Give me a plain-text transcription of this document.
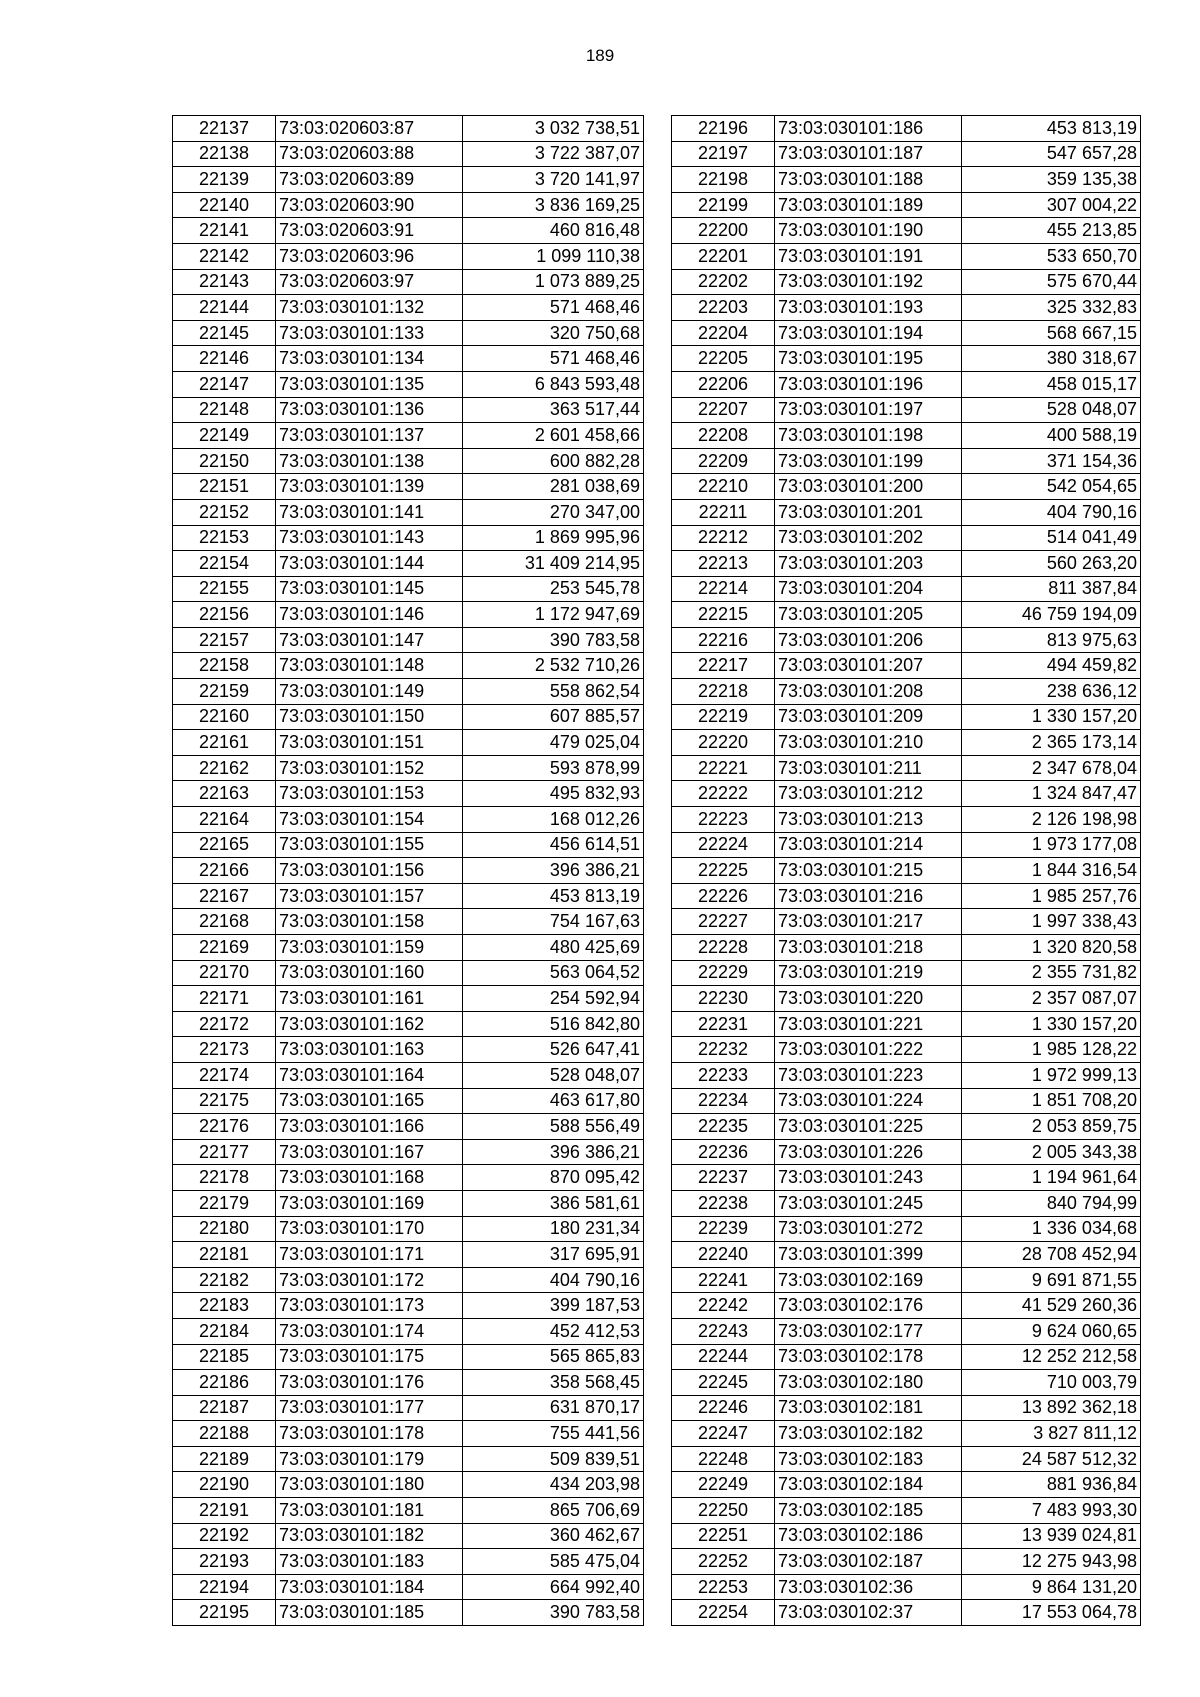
189
22137	73:03:020603:87	3 032 738,51
22138	73:03:020603:88	3 722 387,07
22139	73:03:020603:89	3 720 141,97
22140	73:03:020603:90	3 836 169,25
22141	73:03:020603:91	460 816,48
22142	73:03:020603:96	1 099 110,38
22143	73:03:020603:97	1 073 889,25
22144	73:03:030101:132	571 468,46
22145	73:03:030101:133	320 750,68
22146	73:03:030101:134	571 468,46
22147	73:03:030101:135	6 843 593,48
22148	73:03:030101:136	363 517,44
22149	73:03:030101:137	2 601 458,66
22150	73:03:030101:138	600 882,28
22151	73:03:030101:139	281 038,69
22152	73:03:030101:141	270 347,00
22153	73:03:030101:143	1 869 995,96
22154	73:03:030101:144	31 409 214,95
22155	73:03:030101:145	253 545,78
22156	73:03:030101:146	1 172 947,69
22157	73:03:030101:147	390 783,58
22158	73:03:030101:148	2 532 710,26
22159	73:03:030101:149	558 862,54
22160	73:03:030101:150	607 885,57
22161	73:03:030101:151	479 025,04
22162	73:03:030101:152	593 878,99
22163	73:03:030101:153	495 832,93
22164	73:03:030101:154	168 012,26
22165	73:03:030101:155	456 614,51
22166	73:03:030101:156	396 386,21
22167	73:03:030101:157	453 813,19
22168	73:03:030101:158	754 167,63
22169	73:03:030101:159	480 425,69
22170	73:03:030101:160	563 064,52
22171	73:03:030101:161	254 592,94
22172	73:03:030101:162	516 842,80
22173	73:03:030101:163	526 647,41
22174	73:03:030101:164	528 048,07
22175	73:03:030101:165	463 617,80
22176	73:03:030101:166	588 556,49
22177	73:03:030101:167	396 386,21
22178	73:03:030101:168	870 095,42
22179	73:03:030101:169	386 581,61
22180	73:03:030101:170	180 231,34
22181	73:03:030101:171	317 695,91
22182	73:03:030101:172	404 790,16
22183	73:03:030101:173	399 187,53
22184	73:03:030101:174	452 412,53
22185	73:03:030101:175	565 865,83
22186	73:03:030101:176	358 568,45
22187	73:03:030101:177	631 870,17
22188	73:03:030101:178	755 441,56
22189	73:03:030101:179	509 839,51
22190	73:03:030101:180	434 203,98
22191	73:03:030101:181	865 706,69
22192	73:03:030101:182	360 462,67
22193	73:03:030101:183	585 475,04
22194	73:03:030101:184	664 992,40
22195	73:03:030101:185	390 783,58
22196	73:03:030101:186	453 813,19
22197	73:03:030101:187	547 657,28
22198	73:03:030101:188	359 135,38
22199	73:03:030101:189	307 004,22
22200	73:03:030101:190	455 213,85
22201	73:03:030101:191	533 650,70
22202	73:03:030101:192	575 670,44
22203	73:03:030101:193	325 332,83
22204	73:03:030101:194	568 667,15
22205	73:03:030101:195	380 318,67
22206	73:03:030101:196	458 015,17
22207	73:03:030101:197	528 048,07
22208	73:03:030101:198	400 588,19
22209	73:03:030101:199	371 154,36
22210	73:03:030101:200	542 054,65
22211	73:03:030101:201	404 790,16
22212	73:03:030101:202	514 041,49
22213	73:03:030101:203	560 263,20
22214	73:03:030101:204	811 387,84
22215	73:03:030101:205	46 759 194,09
22216	73:03:030101:206	813 975,63
22217	73:03:030101:207	494 459,82
22218	73:03:030101:208	238 636,12
22219	73:03:030101:209	1 330 157,20
22220	73:03:030101:210	2 365 173,14
22221	73:03:030101:211	2 347 678,04
22222	73:03:030101:212	1 324 847,47
22223	73:03:030101:213	2 126 198,98
22224	73:03:030101:214	1 973 177,08
22225	73:03:030101:215	1 844 316,54
22226	73:03:030101:216	1 985 257,76
22227	73:03:030101:217	1 997 338,43
22228	73:03:030101:218	1 320 820,58
22229	73:03:030101:219	2 355 731,82
22230	73:03:030101:220	2 357 087,07
22231	73:03:030101:221	1 330 157,20
22232	73:03:030101:222	1 985 128,22
22233	73:03:030101:223	1 972 999,13
22234	73:03:030101:224	1 851 708,20
22235	73:03:030101:225	2 053 859,75
22236	73:03:030101:226	2 005 343,38
22237	73:03:030101:243	1 194 961,64
22238	73:03:030101:245	840 794,99
22239	73:03:030101:272	1 336 034,68
22240	73:03:030101:399	28 708 452,94
22241	73:03:030102:169	9 691 871,55
22242	73:03:030102:176	41 529 260,36
22243	73:03:030102:177	9 624 060,65
22244	73:03:030102:178	12 252 212,58
22245	73:03:030102:180	710 003,79
22246	73:03:030102:181	13 892 362,18
22247	73:03:030102:182	3 827 811,12
22248	73:03:030102:183	24 587 512,32
22249	73:03:030102:184	881 936,84
22250	73:03:030102:185	7 483 993,30
22251	73:03:030102:186	13 939 024,81
22252	73:03:030102:187	12 275 943,98
22253	73:03:030102:36	9 864 131,20
22254	73:03:030102:37	17 553 064,78
